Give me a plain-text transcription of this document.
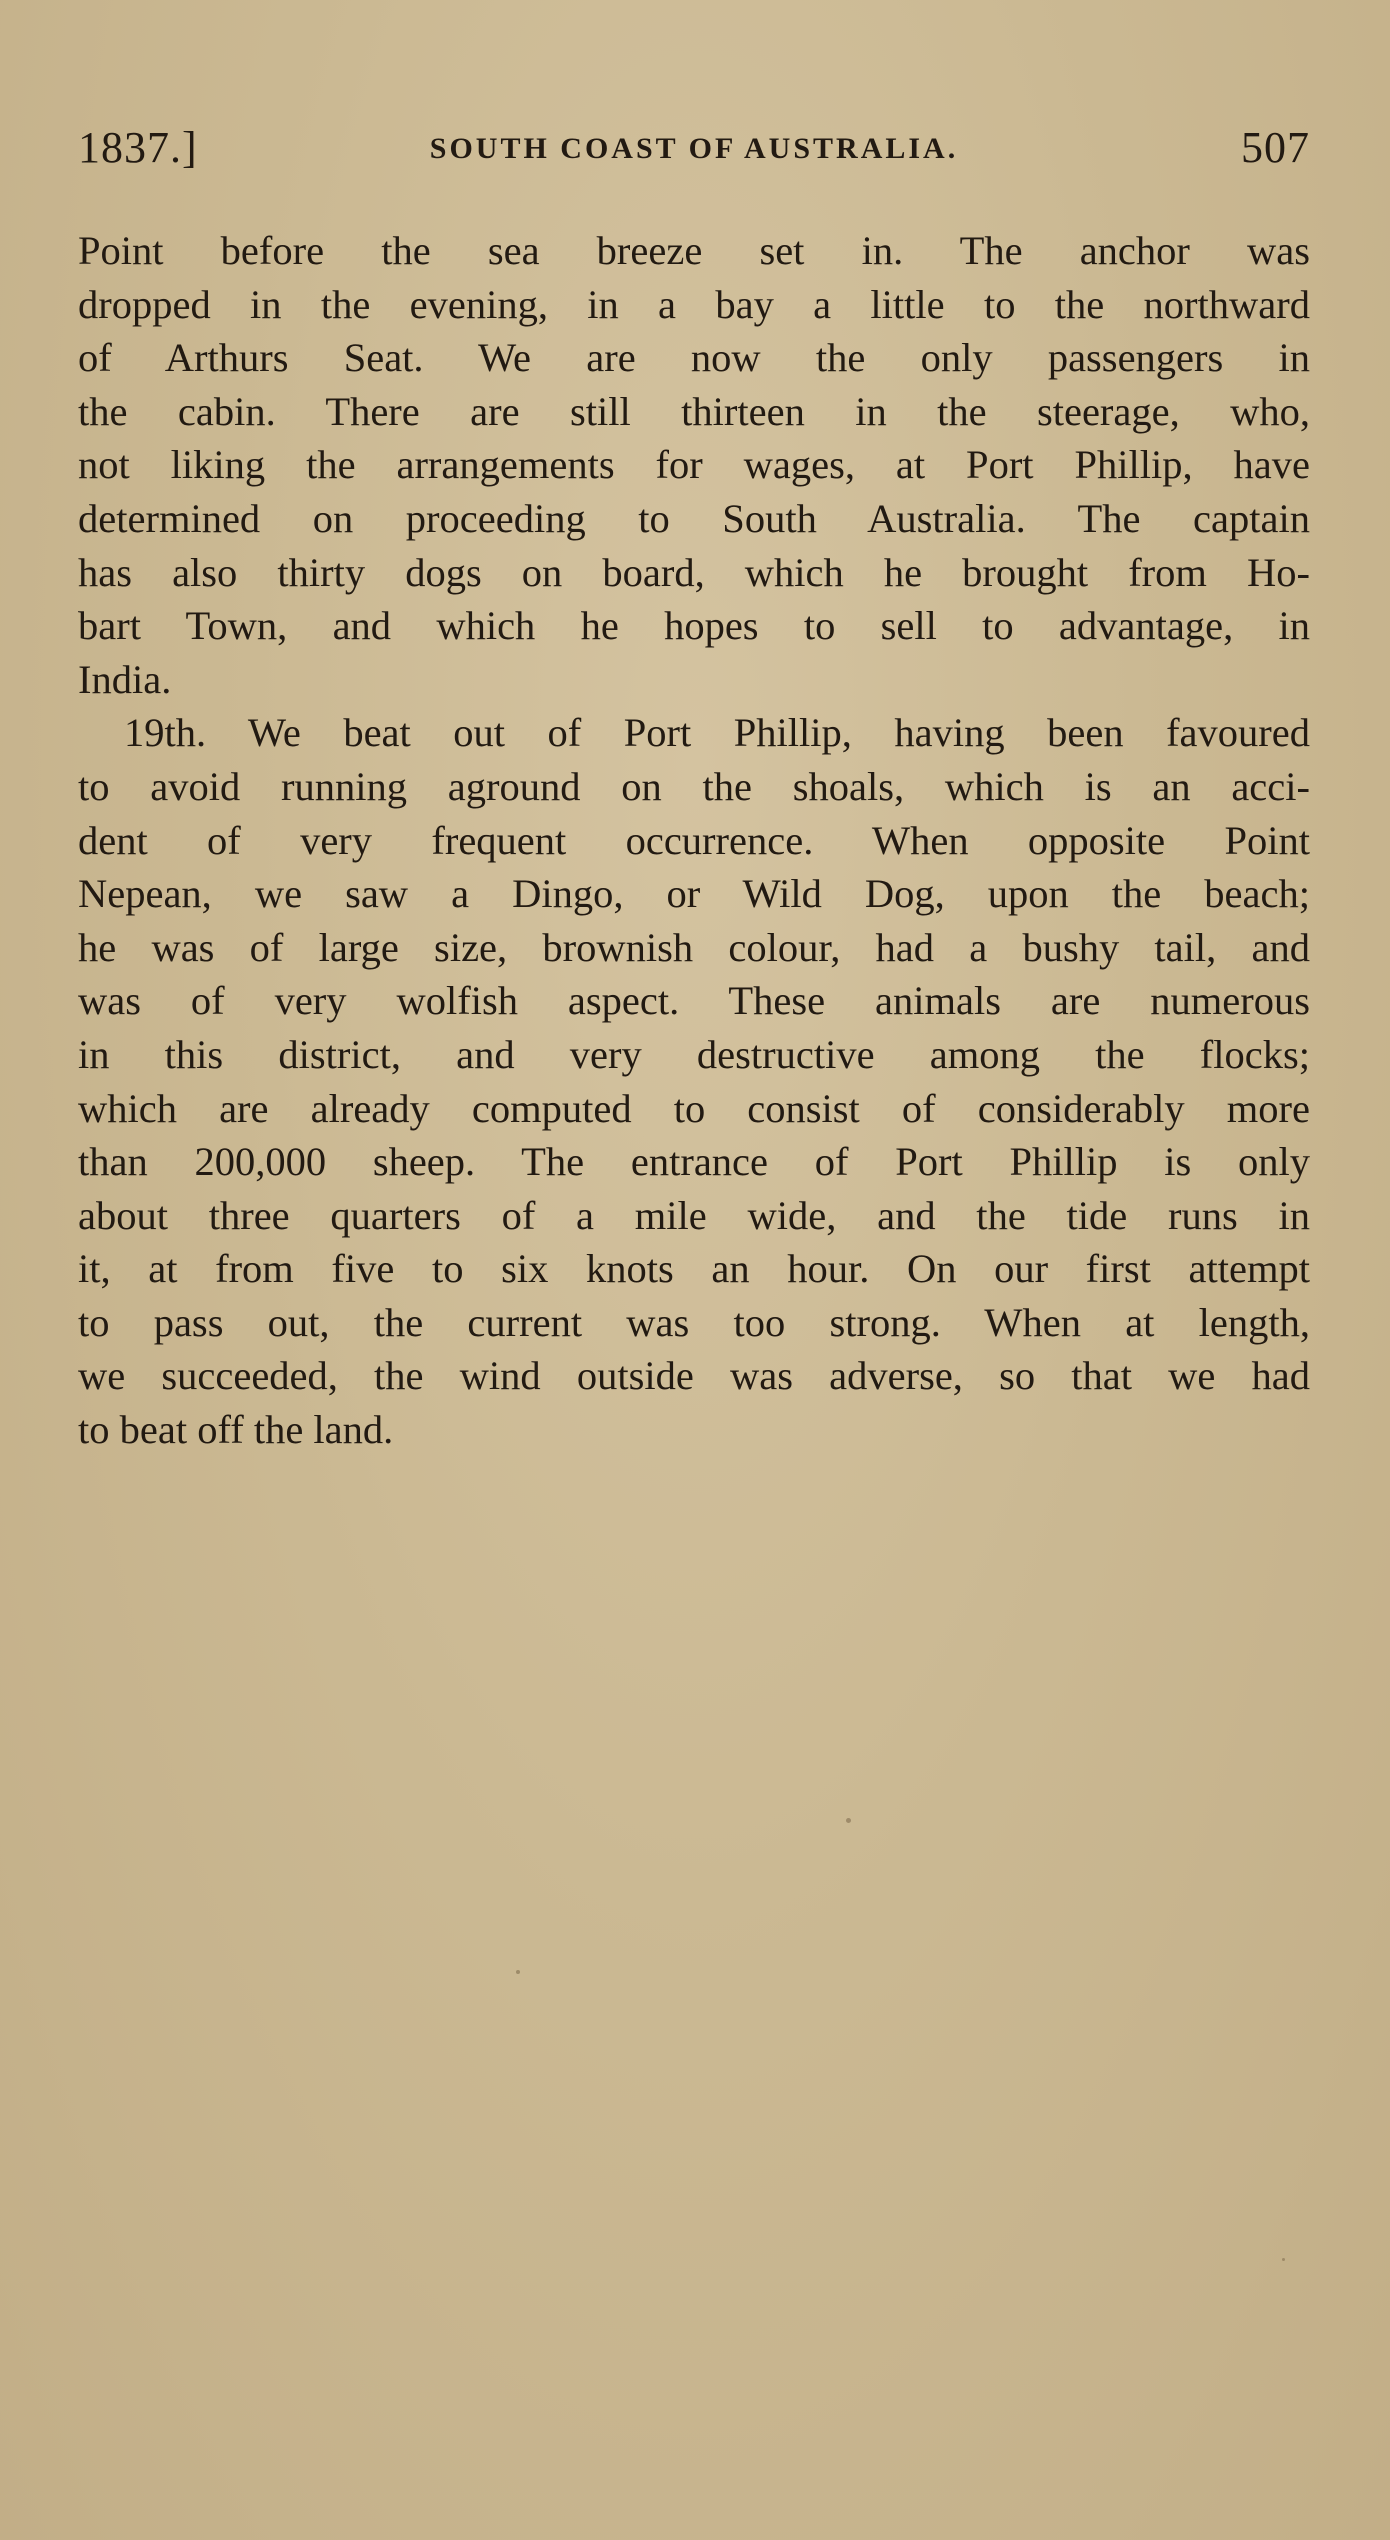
1837.]	SOUTH COAST OF AUSTRALIA.	507
Point before the sea breeze set in. The anchor was
dropped in the evening, in a bay a little to the northward
of Arthurs Seat. We are now the only passengers in
the cabin. There are still thirteen in the steerage, who,
not liking the arrangements for wages, at Port Phillip, have
determined on proceeding to South Australia. The captain
has also thirty dogs on board, which he brought from Ho-
bart Town, and which he hopes to sell to advantage, in
India.
19th. We beat out of Port Phillip, having been favoured
to avoid running aground on the shoals, which is an acci-
dent of very frequent occurrence. When opposite Point
Nepean, we saw a Dingo, or Wild Dog, upon the beach;
he was of large size, brownish colour, had a bushy tail, and
was of very wolfish aspect. These animals are numerous
in this district, and very destructive among the flocks;
which are already computed to consist of considerably more
than 200,000 sheep. The entrance of Port Phillip is only
about three quarters of a mile wide, and the tide runs in
it, at from five to six knots an hour. On our first attempt
to pass out, the current was too strong. When at length,
we succeeded, the wind outside was adverse, so that we had
to beat off the land.
